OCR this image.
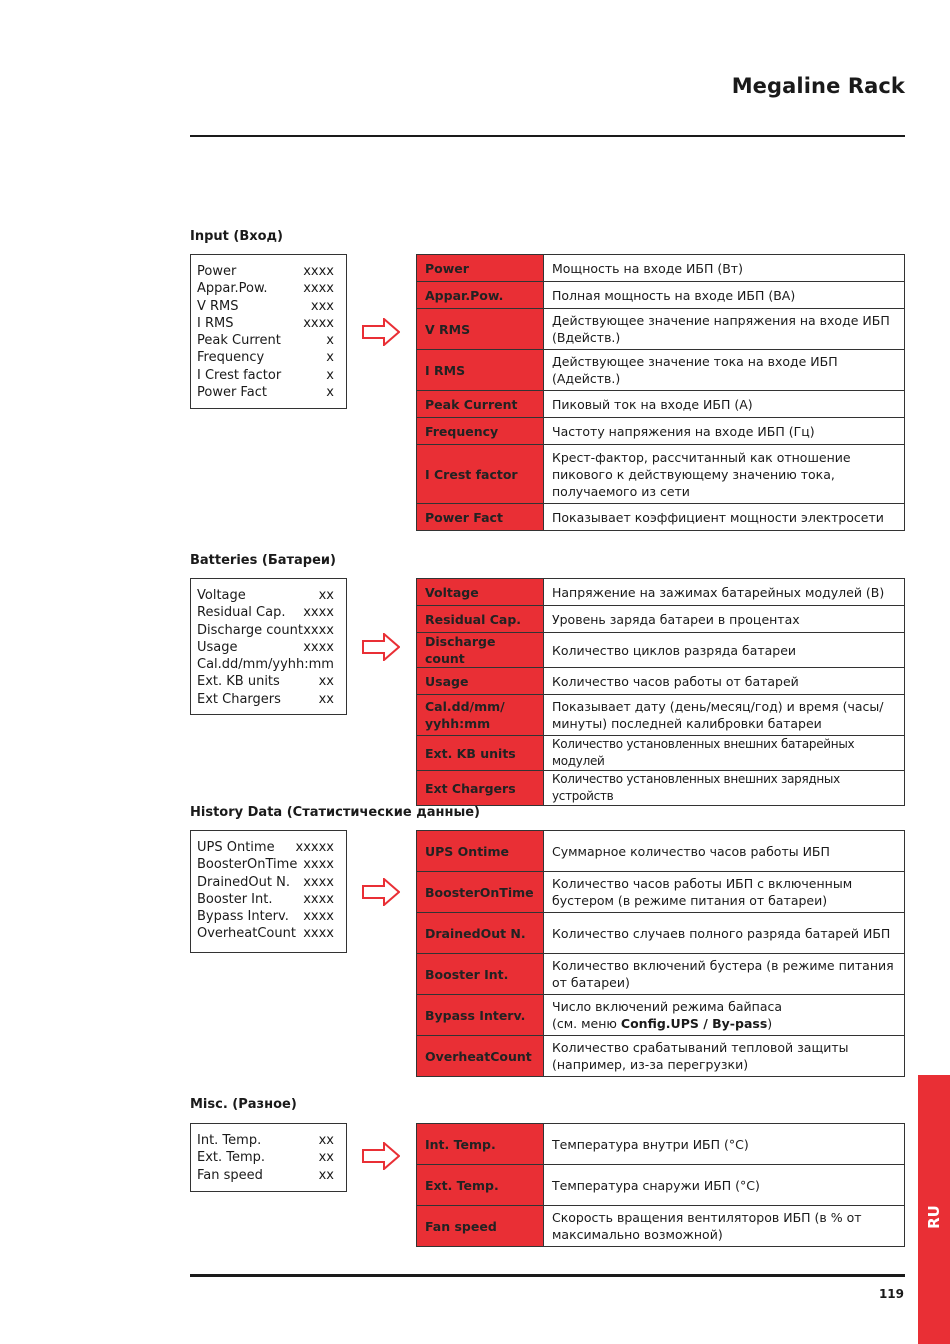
Megaline Rack
Input (Вход)
Power	xxxx
Appar.Pow.	xxxx
V RMS	xxx
I RMS	xxxx
Peak Current	x
Frequency	x
I Crest factor	x
Power Fact	x
Power	Мощность на входе ИБП (Вт)
Appar.Pow.	Полная мощность на входе ИБП (ВА)
V RMS	Действующее значение напряжения на входе ИБП (Вдейств.)
I RMS	Действующее значение тока на входе ИБП (Адейств.)
Peak Current	Пиковый ток на входе ИБП (А)
Frequency	Частоту напряжения на входе ИБП (Гц)
I Crest factor	Крест-фактор, рассчитанный как отношение пикового к действующему значению тока, получаемого из сети
Power Fact	Показывает коэффициент мощности электросети
Batteries (Батареи)
Voltage	xx
Residual Cap. xxxx
Discharge count xxxx
Usage	xxxx
Cal.dd/mm/yyhh:mm
Ext. KB units	xx
Ext Chargers	xx
Voltage	Напряжение на зажимах батарейных модулей (В)
Residual Cap.	Уровень заряда батареи в процентах
Discharge count	Количество циклов разряда батареи
Usage	Количество часов работы от батарей
Cal.dd/mm/ yyhh:mm	Показывает дату (день/месяц/год) и время (часы/минуты) последней калибровки батареи
Ext. KB units	Количество установленных внешних батарейных модулей
Ext Chargers	Количество установленных внешних зарядных устройств
History Data (Статистические данные)
UPS Ontime xxxxx
BoosterOnTime xxxx
DrainedOut N. xxxx
Booster Int. xxxx
Bypass Interv. xxxx
OverheatCount xxxx
UPS Ontime	Суммарное количество часов работы ИБП
BoosterOnTime	Количество часов работы ИБП с включенным бустером (в режиме питания от батареи)
DrainedOut N.	Количество случаев полного разряда батарей ИБП
Booster Int.	Количество включений бустера (в режиме питания от батареи)
Bypass Interv.	Число включений режима байпаса
(см. меню Config.UPS / By-pass)
OverheatCount	Количество срабатываний тепловой защиты (например, из-за перегрузки)
Misc. (Разное)
Int. Temp.	xx
Ext. Temp.	xx
Fan speed	xx
Int. Temp.	Температура внутри ИБП (°C)
Ext. Temp.	Температура снаружи ИБП (°C)
Fan speed	Скорость вращения вентиляторов ИБП (в % от максимально возможной)
119
RU
